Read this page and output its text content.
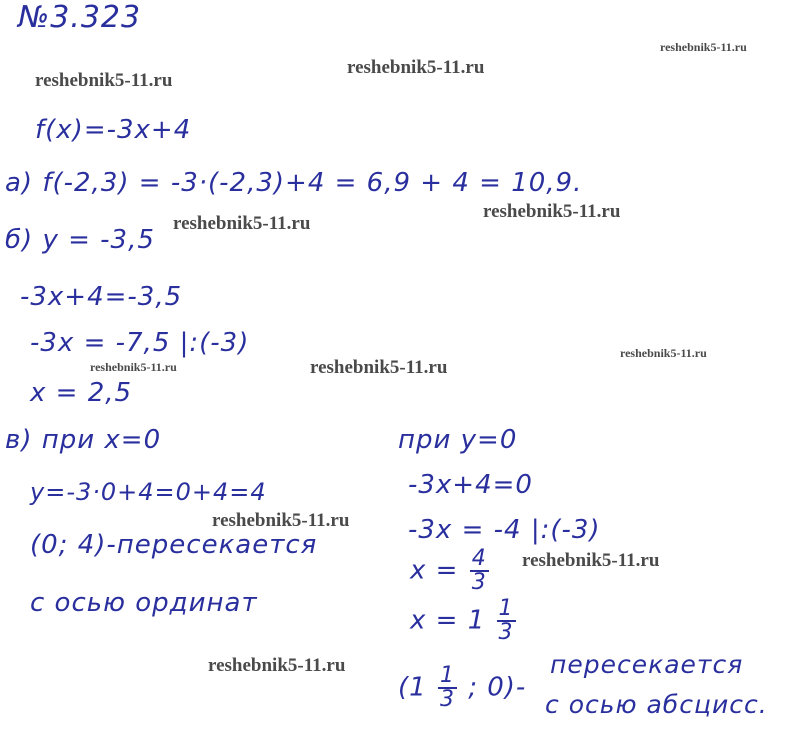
№3.323
reshebnik5-11.ru
reshebnik5-11.ru
reshebnik5-11.ru
reshebnik5-11.ru
reshebnik5-11.ru
reshebnik5-11.ru
reshebnik5-11.ru	reshebnik5-11.ru
reshebnik5-11.ru
reshebnik5-11.ru
reshebnik5-11.ru
f(x)=-3x+4
а) f(-2,3) = -3·(-2,3)+4 = 6,9 + 4 = 10,9.
б) y = -3,5
-3x+4=-3,5
-3x = -7,5 |:(-3)
x = 2,5
в) при x=0
y=-3·0+4=0+4=4
(0; 4)-пересекается
с осью ординат
при y=0
-3x+4=0
-3x = -4 |:(-3)
$x = \frac{4}{3}$
$x = 1 \frac{1}{3}$
($1 \frac{1}{3}$ ; 0)-
пересекается
с осью абсцисс.
